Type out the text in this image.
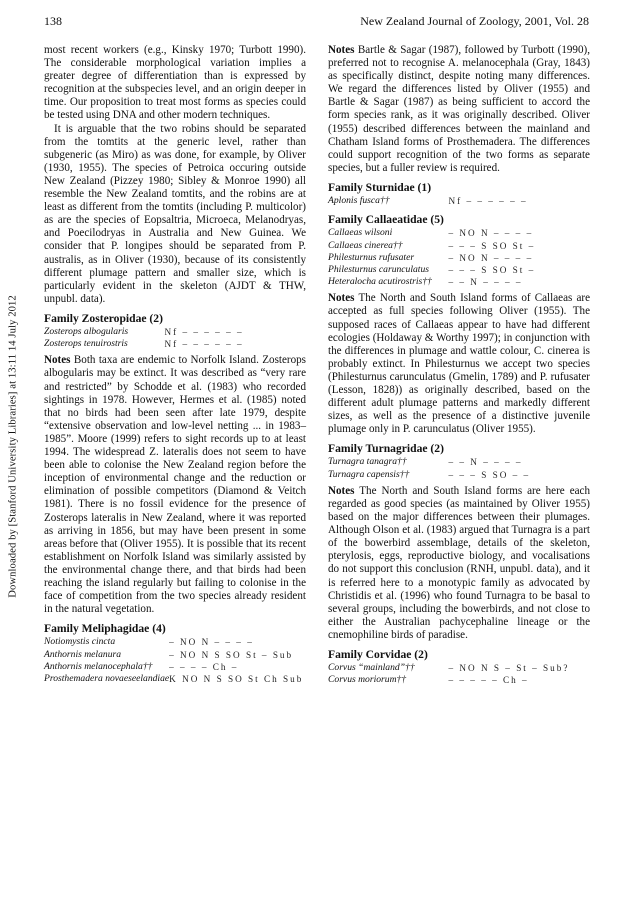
138	New Zealand Journal of Zoology, 2001, Vol. 28
Downloaded by [Stanford University Libraries] at 13:11 14 July 2012

most recent workers (e.g., Kinsky 1970; Turbott 1990). The considerable morphological variation implies a greater degree of differentiation than is expressed by recognition at the subspecies level, and an origin deeper in time. Our proposition to treat most forms as species could be tested using DNA and other modern techniques.

It is arguable that the two robins should be separated from the tomtits at the generic level, rather than subgeneric (as Miro) as was done, for example, by Oliver (1930, 1955). The species of Petroica occuring outside New Zealand (Pizzey 1980; Sibley & Monroe 1990) all resemble the New Zealand tomtits, and the robins are at least as different from the tomtits (including P. multicolor) as are the species of Eopsaltria, Microeca, Melanodryas, and Poecilodryas in Australia and New Guinea. We consider that P. longipes should be separated from P. australis, as in Oliver (1930), because of its consistently different plumage pattern and smaller size, which is particularly evident in the skeleton (AJDT & THW, unpubl. data).

Family Zosteropidae (2)
Zosterops albogularis	Nf – – – – – –
Zosterops tenuirostris	Nf – – – – – –

Notes Both taxa are endemic to Norfolk Island. Zosterops albogularis may be extinct. It was described as “very rare and restricted” by Schodde et al. (1983) who recorded sightings in 1978. However, Hermes et al. (1985) noted that no birds had been seen after late 1979, despite “extensive observation and low-level netting ... in 1983–1985”. Moore (1999) refers to sight records up to at least 1994. The widespread Z. lateralis does not seem to have been able to colonise the New Zealand region before the inception of environmental change and the reduction or elimination of possible competitors (Diamond & Veitch 1981). There is no fossil evidence for the presence of Zosterops lateralis in New Zealand, where it was reported as arriving in 1856, but may have been present in some areas before that (Oliver 1955). It is possible that its recent establishment on Norfolk Island was similarly assisted by the environmental change there, and that birds had been reaching the island regularly but failing to colonise in the face of competition from the two species already resident in the natural vegetation.

Family Meliphagidae (4)
Notiomystis cincta	– NO N – – – –
Anthornis melanura	– NO N S SO St – Sub
Anthornis melanocephala††	– – – – Ch –
Prosthemadera novaeseelandiae	K NO N S SO St Ch Sub

Notes Bartle & Sagar (1987), followed by Turbott (1990), preferred not to recognise A. melanocephala (Gray, 1843) as specifically distinct, despite noting many differences. We regard the differences listed by Oliver (1955) and Bartle & Sagar (1987) as being sufficient to accord the form species rank, as it was originally described. Oliver (1955) described differences between the mainland and Chatham Island forms of Prosthemadera. The differences could support recognition of the two forms as separate species, but a fuller review is required.

Family Sturnidae (1)
Aplonis fusca††	Nf – – – – – –
Family Callaeatidae (5)
Callaeas wilsoni	– NO N – – – –
Callaeas cinerea††	– – – S SO St –
Philesturnus rufusater	– NO N – – – –
Philesturnus carunculatus	– – – S SO St –
Heteralocha acutirostris††	– – N – – – –

Notes The North and South Island forms of Callaeas are accepted as full species following Oliver (1955). The supposed races of Callaeas appear to have had different ecologies (Holdaway & Worthy 1997); in conjunction with the differences in plumage and wattle colour, C. cinerea is probably extinct. In Philesturnus we accept two species (Philesturnus carunculatus (Gmelin, 1789) and P. rufusater (Lesson, 1828)) as originally described, based on the different adult plumage patterns and markedly different sizes, as well as the presence of a distinctive juvenile plumage only in P. carunculatus (Oliver 1955).

Family Turnagridae (2)
Turnagra tanagra††	– – N – – – –
Turnagra capensis††	– – – S SO – –

Notes The North and South Island forms are here each regarded as good species (as maintained by Oliver 1955) based on the major differences between their plumages. Although Olson et al. (1983) argued that Turnagra is a part of the bowerbird assemblage, details of the skeleton, pterylosis, eggs, reproductive biology, and vocalisations do not support this conclusion (RNH, unpubl. data), and it is referred here to a monotypic family as advocated by Christidis et al. (1996) who found Turnagra to be basal to several groups, including the bowerbirds, and not close to either the Australian pachycephaline lineage or the cnemophiline birds of paradise.

Family Corvidae (2)
Corvus “mainland”††	– NO N S – St – Sub?
Corvus moriorum††	– – – – – Ch –
